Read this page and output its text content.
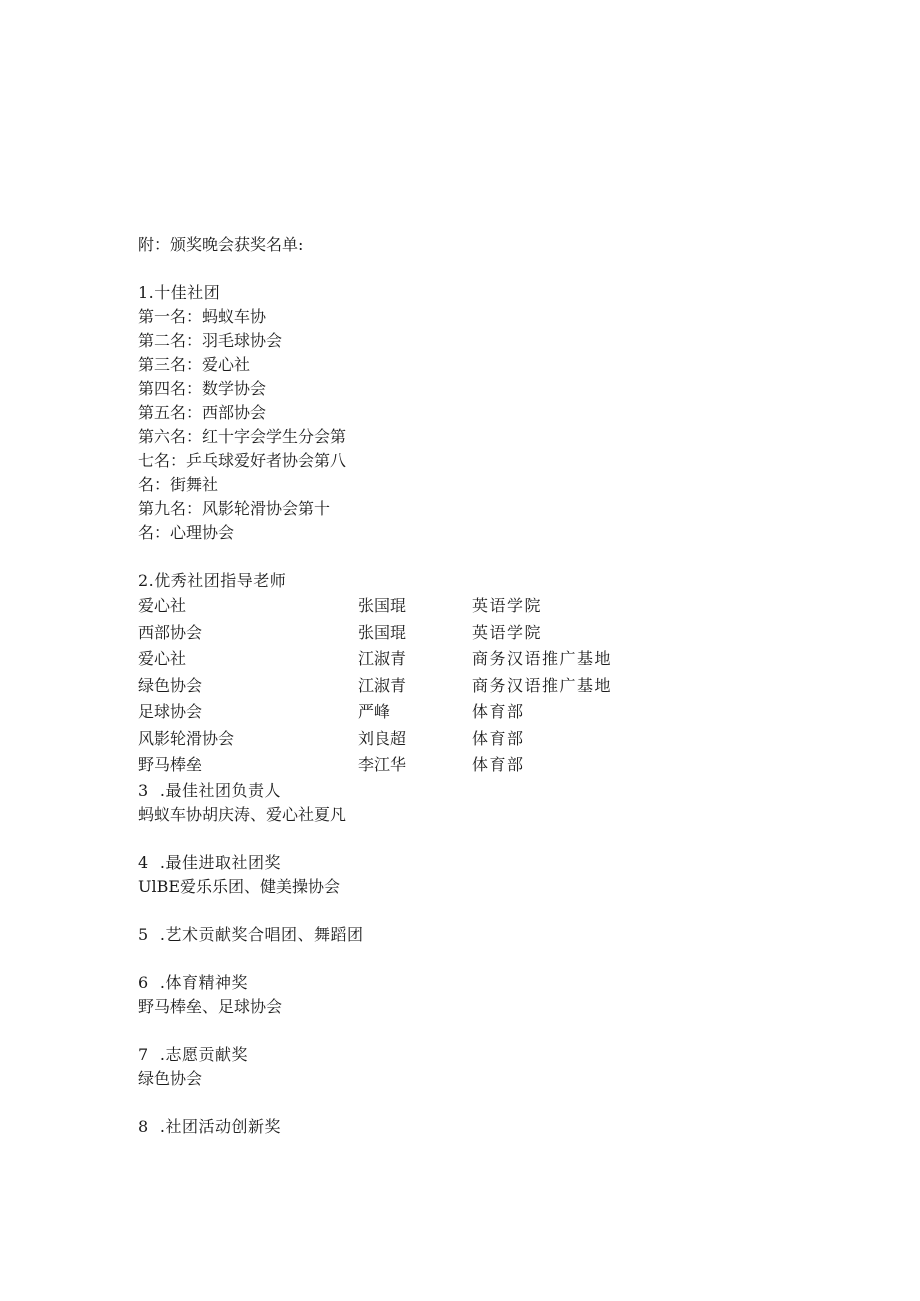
附：颁奖晚会获奖名单:
1.十佳社团
第一名：蚂蚁车协
第二名：羽毛球协会
第三名：爱心社
第四名：数学协会
第五名：西部协会
第六名：红十字会学生分会第
七名：乒乓球爱好者协会第八
名：街舞社
第九名：风影轮滑协会第十
名：心理协会
2.优秀社团指导老师
爱心社	张国琨	英语学院
西部协会	张国琨	英语学院
爱心社	江淑青	商务汉语推广基地
绿色协会	江淑青	商务汉语推广基地
足球协会	严峰	体育部
风影轮滑协会	刘良超	体育部
野马棒垒	李江华	体育部
3  .最佳社团负责人
蚂蚁车协胡庆涛、爱心社夏凡
4  .最佳进取社团奖
UlBE爱乐乐团、健美操协会
5  .艺术贡献奖合唱团、舞蹈团
6  .体育精神奖
野马棒垒、足球协会
7  .志愿贡献奖
绿色协会
8  .社团活动创新奖
